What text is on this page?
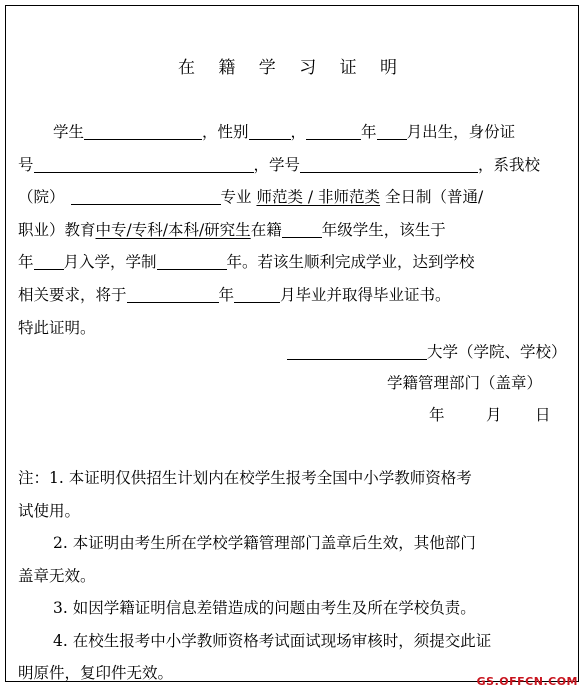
在 籍 学 习 证 明
学生	，性别	，	年 月出生，身份证
号	，学号	，系我校
（院）	专业 师范类 / 非师范类 全日制（普通/
职业）教育中专/专科/本科/研究生在籍	年级学生，该生于
年 月入学，学制	年。若该生顺利完成学业，达到学校
相关要求，将于	年	月毕业并取得毕业证书。
特此证明。
大学（学院、学校）
学籍管理部门（盖章）
年	月 日
注：1. 本证明仅供招生计划内在校学生报考全国中小学教师资格考
试使用。
2. 本证明由考生所在学校学籍管理部门盖章后生效，其他部门
盖章无效。
3. 如因学籍证明信息差错造成的问题由考生及所在学校负责。
4. 在校生报考中小学教师资格考试面试现场审核时，须提交此证
明原件，复印件无效。	GS.OFFCN.COM
